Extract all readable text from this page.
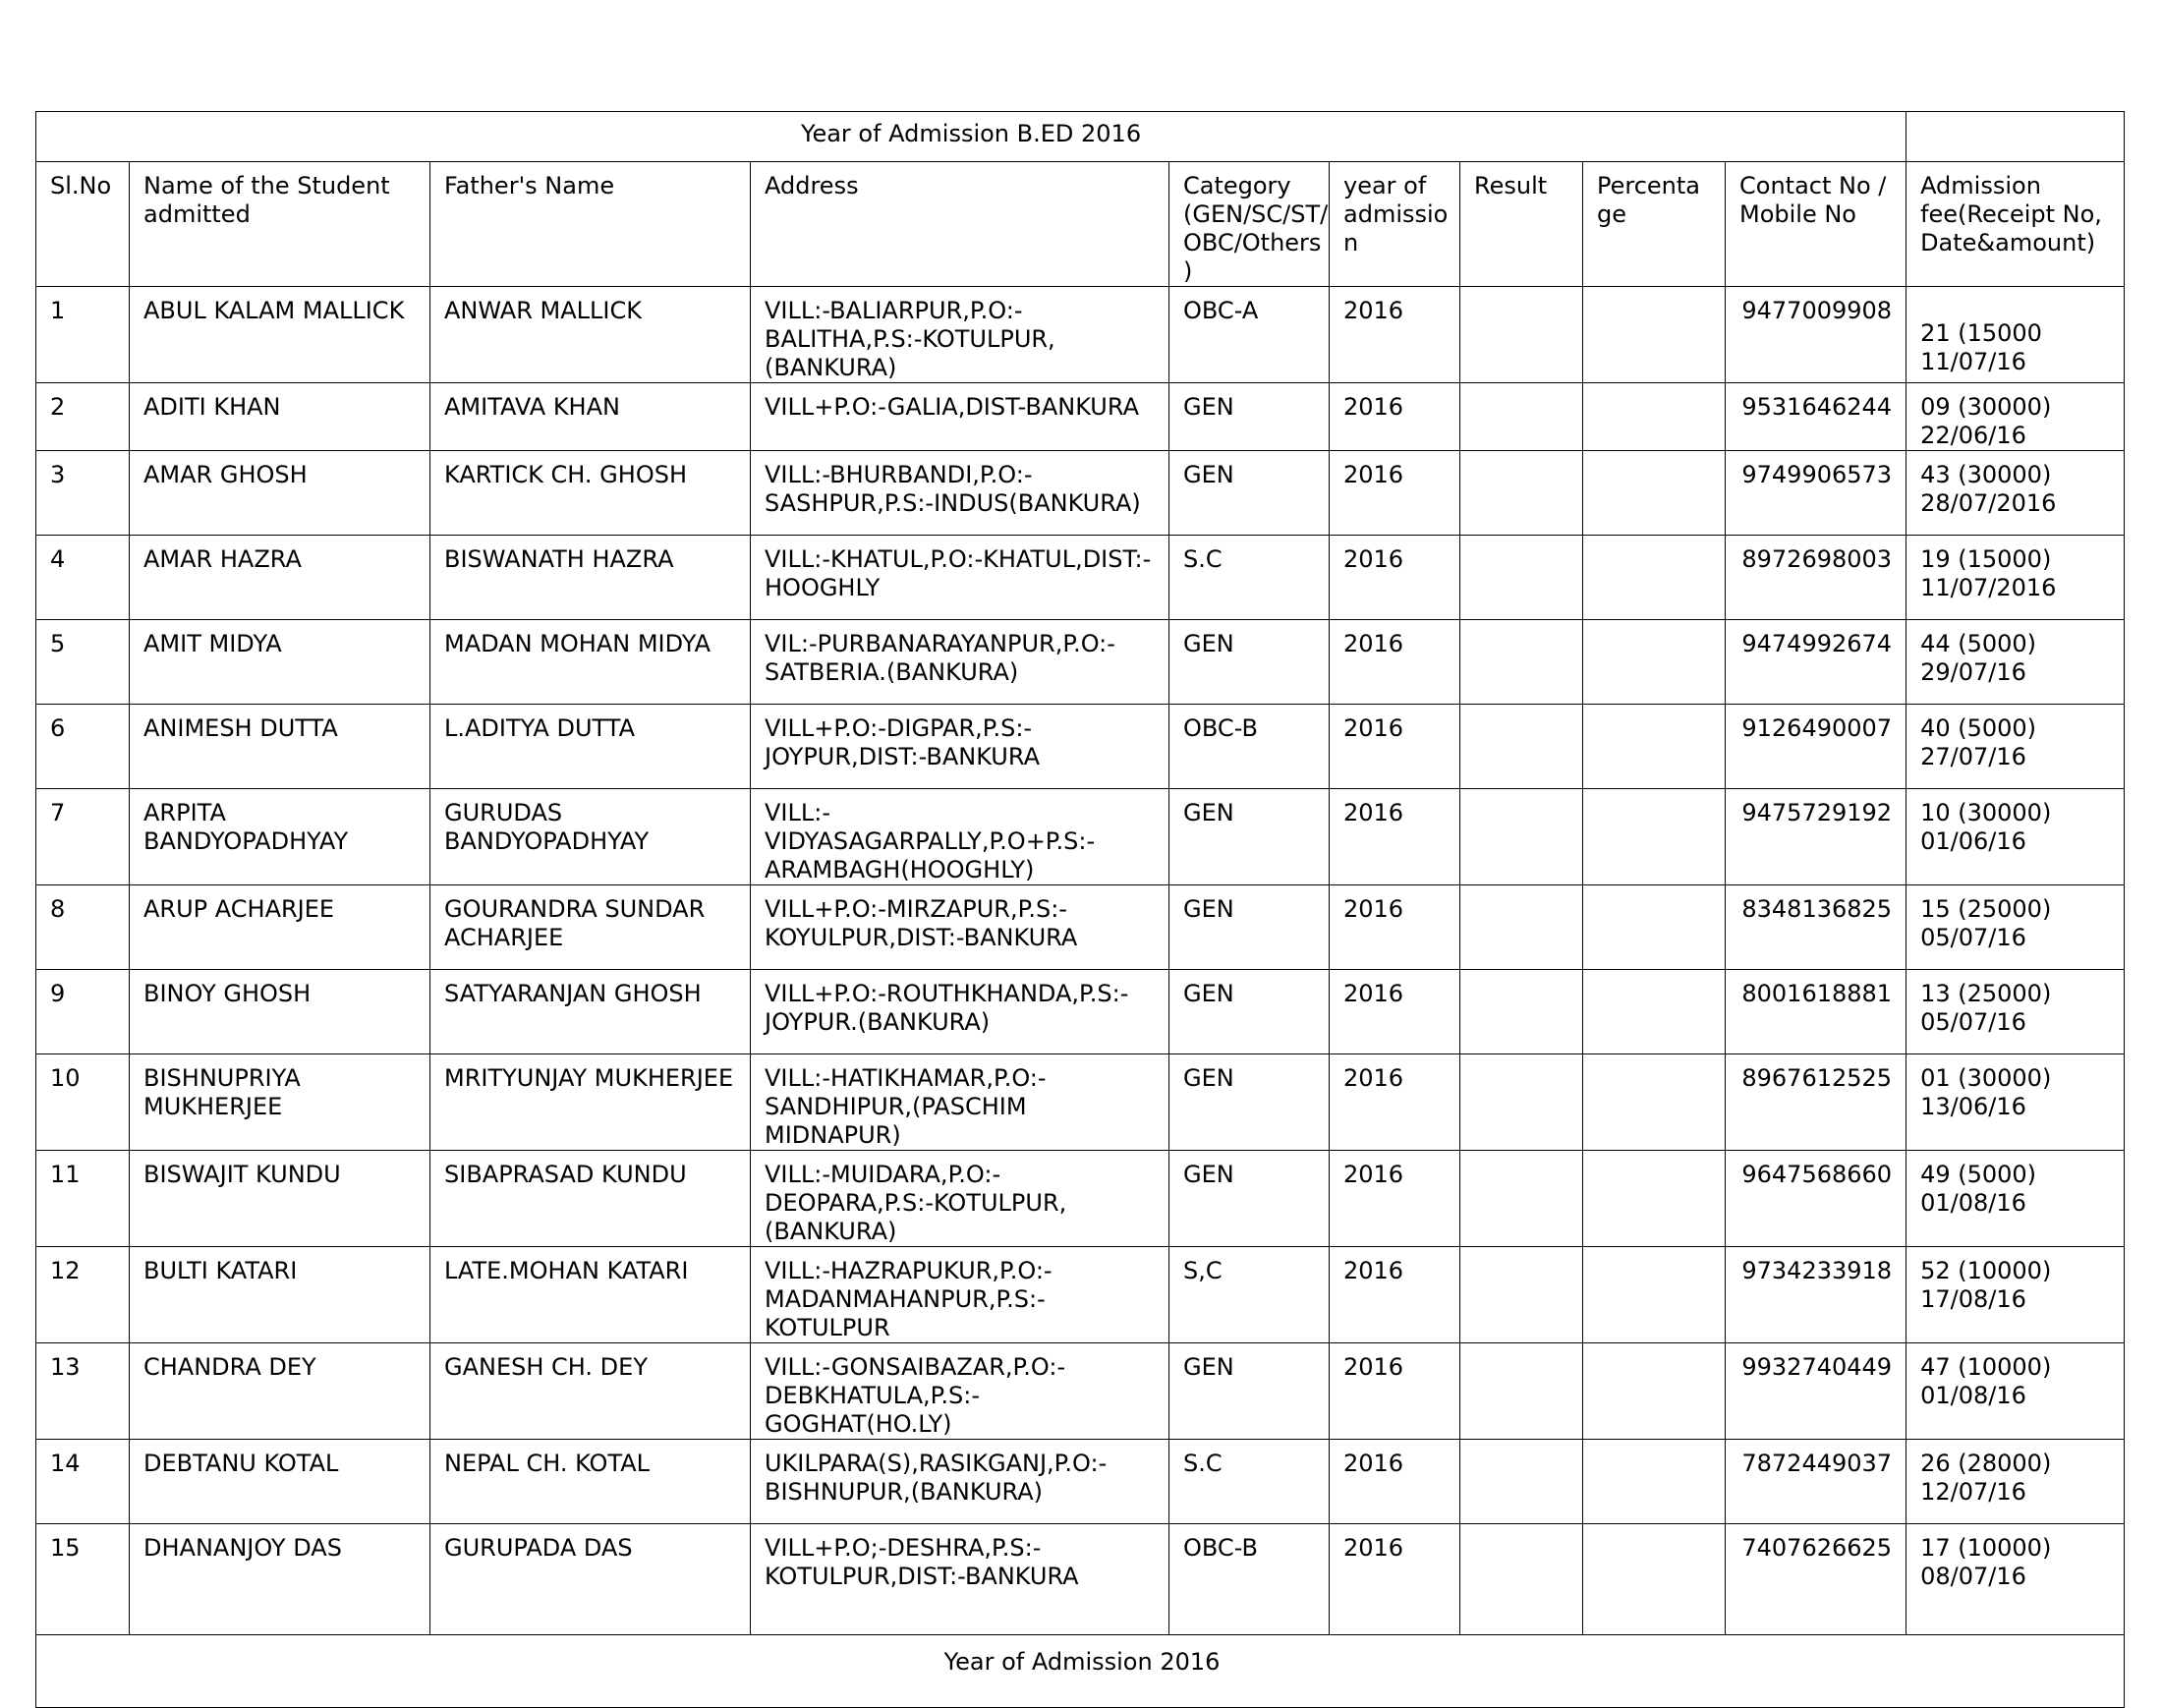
Year of Admission B.ED 2016									
Sl.No	Name of the Student admitted	Father's Name	Address	Category (GEN/SC/ST/ OBC/Others)	year of admission	Result	Percentage	Contact No / Mobile No	Admission fee(Receipt No, Date&amount)
1	ABUL KALAM MALLICK	ANWAR MALLICK	VILL:-BALIARPUR,P.O:-BALITHA,P.S:-KOTULPUR,(BANKURA)	OBC-A	2016			9477009908	21 (15000 11/07/16
2	ADITI KHAN	AMITAVA KHAN	VILL+P.O:-GALIA,DIST-BANKURA	GEN	2016			9531646244	09 (30000) 22/06/16
3	AMAR GHOSH	KARTICK CH. GHOSH	VILL:-BHURBANDI,P.O:-SASHPUR,P.S:-INDUS(BANKURA)	GEN	2016			9749906573	43 (30000) 28/07/2016
4	AMAR HAZRA	BISWANATH HAZRA	VILL:-KHATUL,P.O:-KHATUL,DIST:-HOOGHLY	S.C	2016			8972698003	19 (15000) 11/07/2016
5	AMIT MIDYA	MADAN MOHAN MIDYA	VIL:-PURBANARAYANPUR,P.O:-SATBERIA.(BANKURA)	GEN	2016			9474992674	44 (5000) 29/07/16
6	ANIMESH DUTTA	L.ADITYA DUTTA	VILL+P.O:-DIGPAR,P.S:-JOYPUR,DIST:-BANKURA	OBC-B	2016			9126490007	40 (5000) 27/07/16
7	ARPITA BANDYOPADHYAY	GURUDAS BANDYOPADHYAY	VILL:-VIDYASAGARPALLY,P.O+P.S:-ARAMBAGH(HOOGHLY)	GEN	2016			9475729192	10 (30000) 01/06/16
8	ARUP ACHARJEE	GOURANDRA SUNDAR ACHARJEE	VILL+P.O:-MIRZAPUR,P.S:-KOYULPUR,DIST:-BANKURA	GEN	2016			8348136825	15 (25000) 05/07/16
9	BINOY GHOSH	SATYARANJAN GHOSH	VILL+P.O:-ROUTHKHANDA,P.S:-JOYPUR.(BANKURA)	GEN	2016			8001618881	13 (25000) 05/07/16
10	BISHNUPRIYA MUKHERJEE	MRITYUNJAY MUKHERJEE	VILL:-HATIKHAMAR,P.O:-SANDHIPUR,(PASCHIM MIDNAPUR)	GEN	2016			8967612525	01 (30000) 13/06/16
11	BISWAJIT KUNDU	SIBAPRASAD KUNDU	VILL:-MUIDARA,P.O:-DEOPARA,P.S:-KOTULPUR,(BANKURA)	GEN	2016			9647568660	49 (5000) 01/08/16
12	BULTI KATARI	LATE.MOHAN KATARI	VILL:-HAZRAPUKUR,P.O:-MADANMAHANPUR,P.S:-KOTULPUR	S,C	2016			9734233918	52 (10000) 17/08/16
13	CHANDRA DEY	GANESH CH. DEY	VILL:-GONSAIBAZAR,P.O:-DEBKHATULA,P.S:-GOGHAT(HO.LY)	GEN	2016			9932740449	47 (10000) 01/08/16
14	DEBTANU KOTAL	NEPAL CH. KOTAL	UKILPARA(S),RASIKGANJ,P.O:-BISHNUPUR,(BANKURA)	S.C	2016			7872449037	26 (28000) 12/07/16
15	DHANANJOY DAS	GURUPADA DAS	VILL+P.O;-DESHRA,P.S:-KOTULPUR,DIST:-BANKURA	OBC-B	2016			7407626625	17 (10000) 08/07/16
Year of Admission 2016									
